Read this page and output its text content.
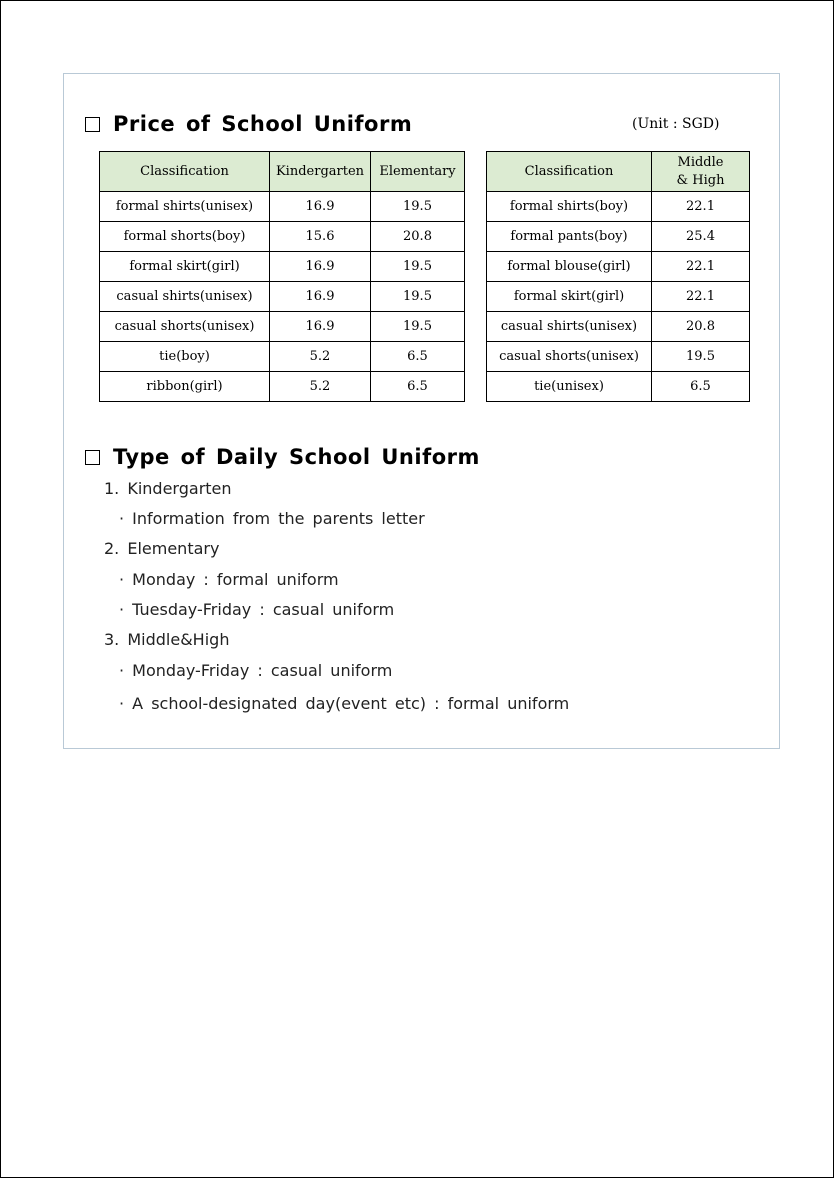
Price of School Uniform	(Unit : SGD)
Classification	Kindergarten	Elementary
formal shirts(unisex)	16.9	19.5
formal shorts(boy)	15.6	20.8
formal skirt(girl)	16.9	19.5
casual shirts(unisex)	16.9	19.5
casual shorts(unisex)	16.9	19.5
tie(boy)	5.2	6.5
ribbon(girl)	5.2	6.5
Classification	Middle
& High
formal shirts(boy)	22.1
formal pants(boy)	25.4
formal blouse(girl)	22.1
formal skirt(girl)	22.1
casual shirts(unisex)	20.8
casual shorts(unisex)	19.5
tie(unisex)	6.5
Type of Daily School Uniform
1. Kindergarten
· Information from the parents letter
2. Elementary
· Monday : formal uniform
· Tuesday-Friday : casual uniform
3. Middle&High
· Monday-Friday : casual uniform
· A school-designated day(event etc) : formal uniform
